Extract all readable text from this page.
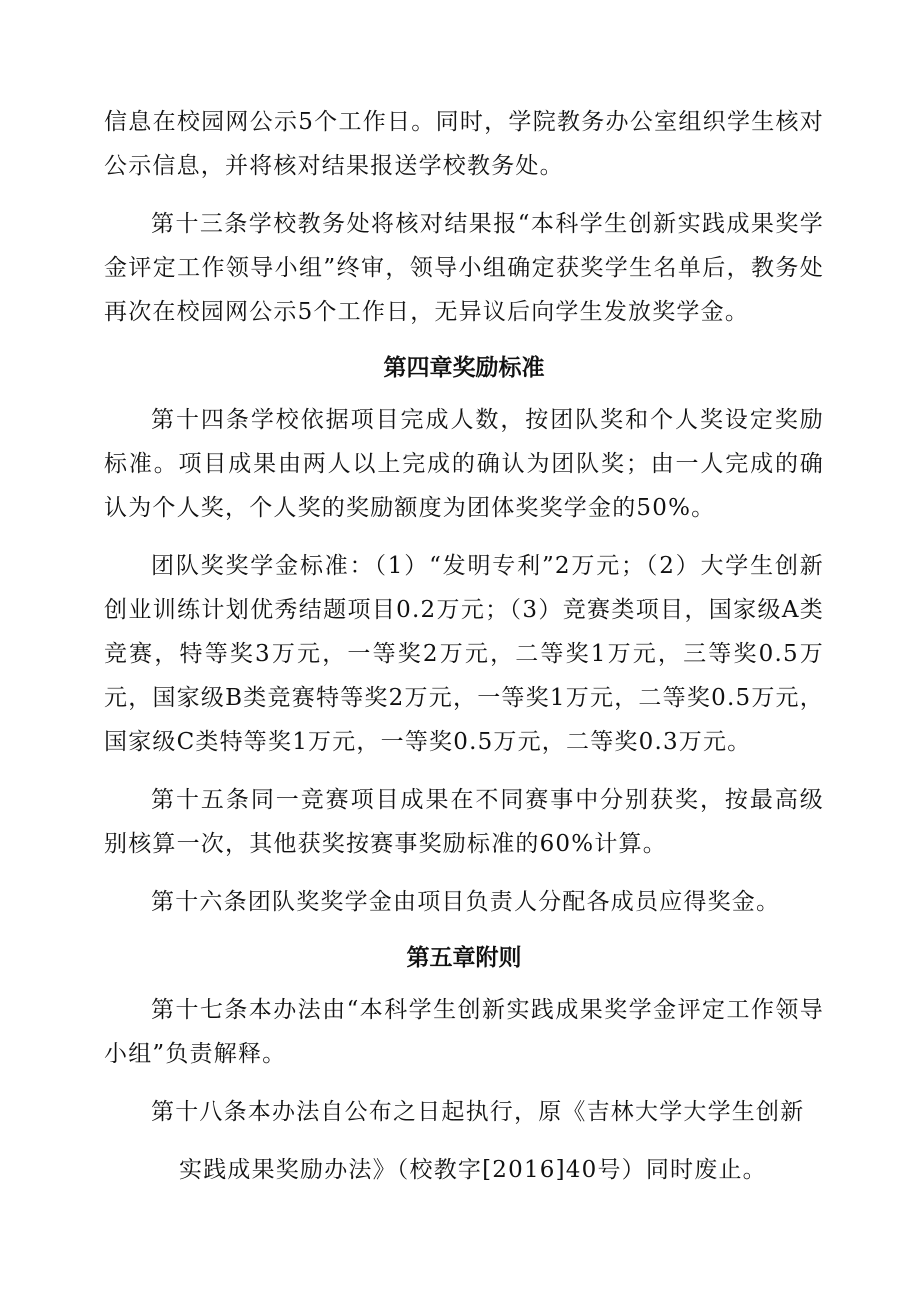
信息在校园网公示5个工作日。同时，学院教务办公室组织学生核对公示信息，并将核对结果报送学校教务处。

第十三条学校教务处将核对结果报“本科学生创新实践成果奖学金评定工作领导小组”终审，领导小组确定获奖学生名单后，教务处再次在校园网公示5个工作日，无异议后向学生发放奖学金。

第四章奖励标准

第十四条学校依据项目完成人数，按团队奖和个人奖设定奖励标准。项目成果由两人以上完成的确认为团队奖；由一人完成的确认为个人奖，个人奖的奖励额度为团体奖奖学金的50%。

团队奖奖学金标准：（1）“发明专利”2万元；（2）大学生创新创业训练计划优秀结题项目0.2万元；（3）竞赛类项目，国家级A类竞赛，特等奖3万元，一等奖2万元，二等奖1万元，三等奖0.5万元，国家级B类竞赛特等奖2万元，一等奖1万元，二等奖0.5万元，国家级C类特等奖1万元，一等奖0.5万元，二等奖0.3万元。

第十五条同一竞赛项目成果在不同赛事中分别获奖，按最高级别核算一次，其他获奖按赛事奖励标准的60%计算。

第十六条团队奖奖学金由项目负责人分配各成员应得奖金。

第五章附则

第十七条本办法由“本科学生创新实践成果奖学金评定工作领导小组”负责解释。

第十八条本办法自公布之日起执行，原《吉林大学大学生创新

实践成果奖励办法》（校教字[2016]40号）同时废止。
